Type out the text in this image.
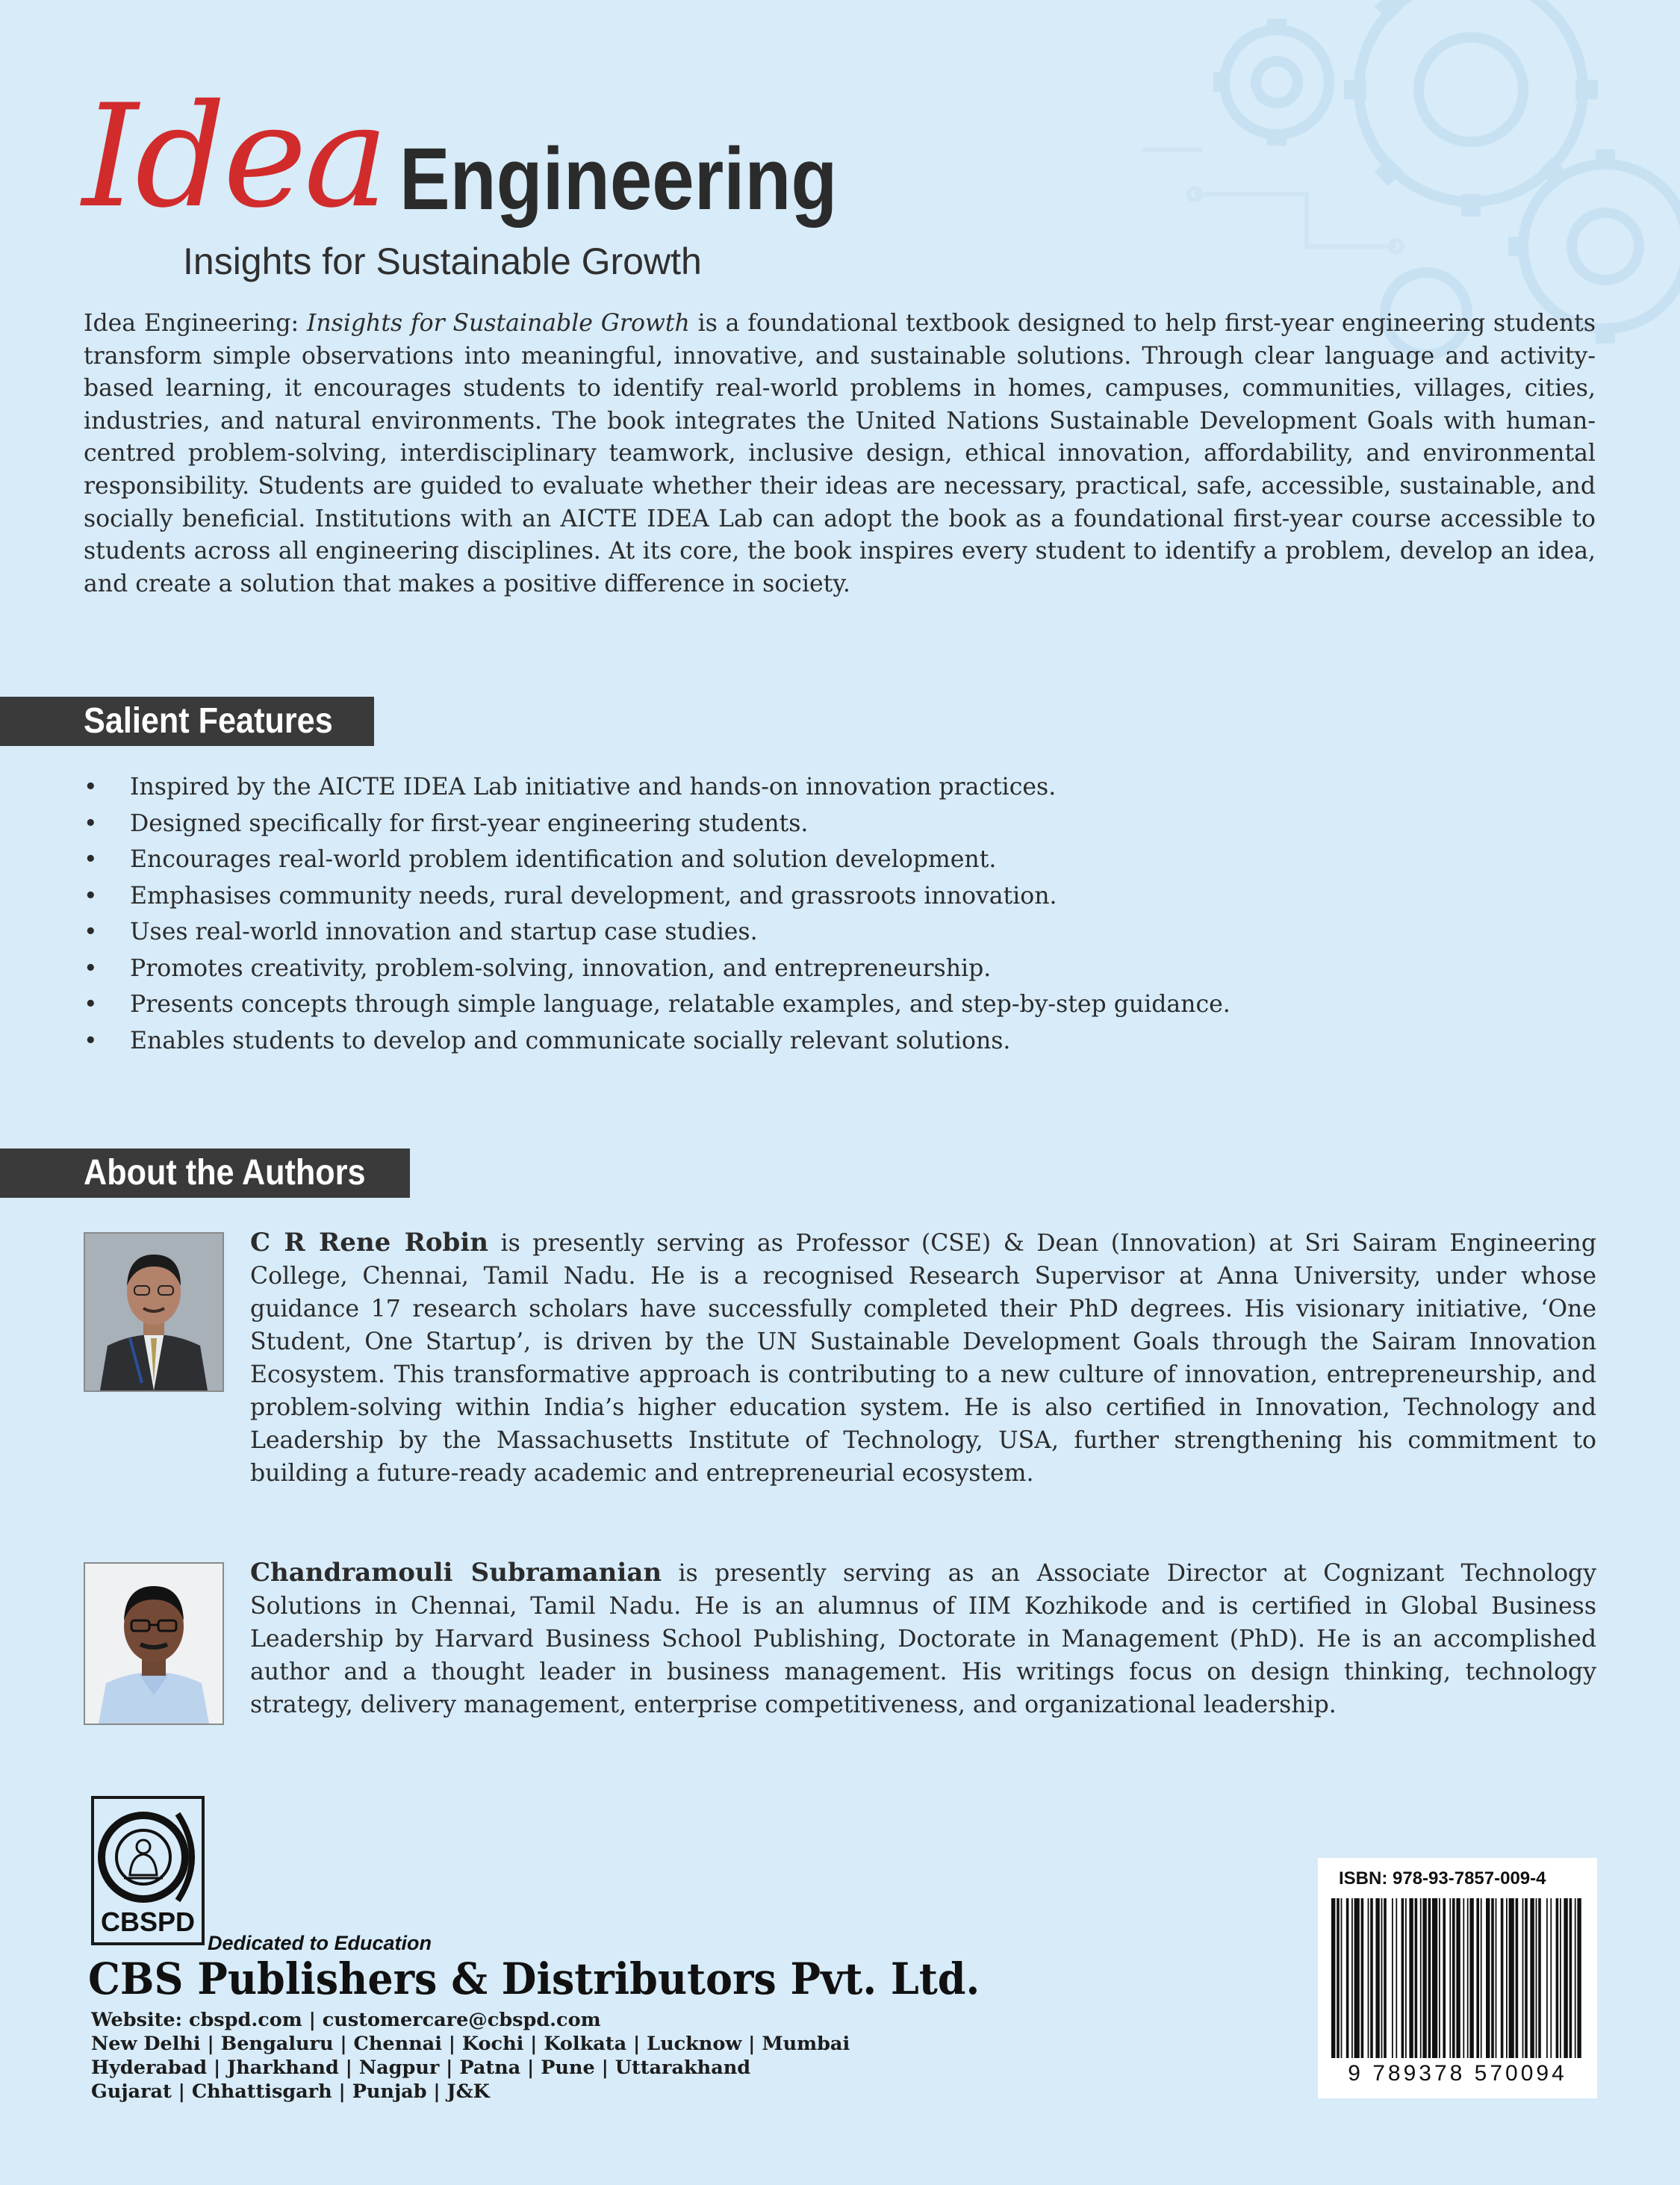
Idea Engineering
Insights for Sustainable Growth
Idea Engineering: Insights for Sustainable Growth is a foundational textbook designed to help first-year engineering students transform simple observations into meaningful, innovative, and sustainable solutions. Through clear language and activity-based learning, it encourages students to identify real-world problems in homes, campuses, communities, villages, cities, industries, and natural environments. The book integrates the United Nations Sustainable Development Goals with human-centred problem-solving, interdisciplinary teamwork, inclusive design, ethical innovation, affordability, and environmental responsibility. Students are guided to evaluate whether their ideas are necessary, practical, safe, accessible, sustainable, and socially beneficial. Institutions with an AICTE IDEA Lab can adopt the book as a foundational first-year course accessible to students across all engineering disciplines. At its core, the book inspires every student to identify a problem, develop an idea, and create a solution that makes a positive difference in society.
Salient Features
• Inspired by the AICTE IDEA Lab initiative and hands-on innovation practices.
• Designed specifically for first-year engineering students.
• Encourages real-world problem identification and solution development.
• Emphasises community needs, rural development, and grassroots innovation.
• Uses real-world innovation and startup case studies.
• Promotes creativity, problem-solving, innovation, and entrepreneurship.
• Presents concepts through simple language, relatable examples, and step-by-step guidance.
• Enables students to develop and communicate socially relevant solutions.
About the Authors
C R Rene Robin is presently serving as Professor (CSE) & Dean (Innovation) at Sri Sairam Engineering College, Chennai, Tamil Nadu. He is a recognised Research Supervisor at Anna University, under whose guidance 17 research scholars have successfully completed their PhD degrees. His visionary initiative, ‘One Student, One Startup’, is driven by the UN Sustainable Development Goals through the Sairam Innovation Ecosystem. This transformative approach is contributing to a new culture of innovation, entrepreneurship, and problem-solving within India’s higher education system. He is also certified in Innovation, Technology and Leadership by the Massachusetts Institute of Technology, USA, further strengthening his commitment to building a future-ready academic and entrepreneurial ecosystem.
Chandramouli Subramanian is presently serving as an Associate Director at Cognizant Technology Solutions in Chennai, Tamil Nadu. He is an alumnus of IIM Kozhikode and is certified in Global Business Leadership by Harvard Business School Publishing, Doctorate in Management (PhD). He is an accomplished author and a thought leader in business management. His writings focus on design thinking, technology strategy, delivery management, enterprise competitiveness, and organizational leadership.
CBSPD
Dedicated to Education
CBS Publishers & Distributors Pvt. Ltd.
Website: cbspd.com | customercare@cbspd.com
New Delhi | Bengaluru | Chennai | Kochi | Kolkata | Lucknow | Mumbai
Hyderabad | Jharkhand | Nagpur | Patna | Pune | Uttarakhand
Gujarat | Chhattisgarh | Punjab | J&K
ISBN: 978-93-7857-009-4
9 789378 570094
